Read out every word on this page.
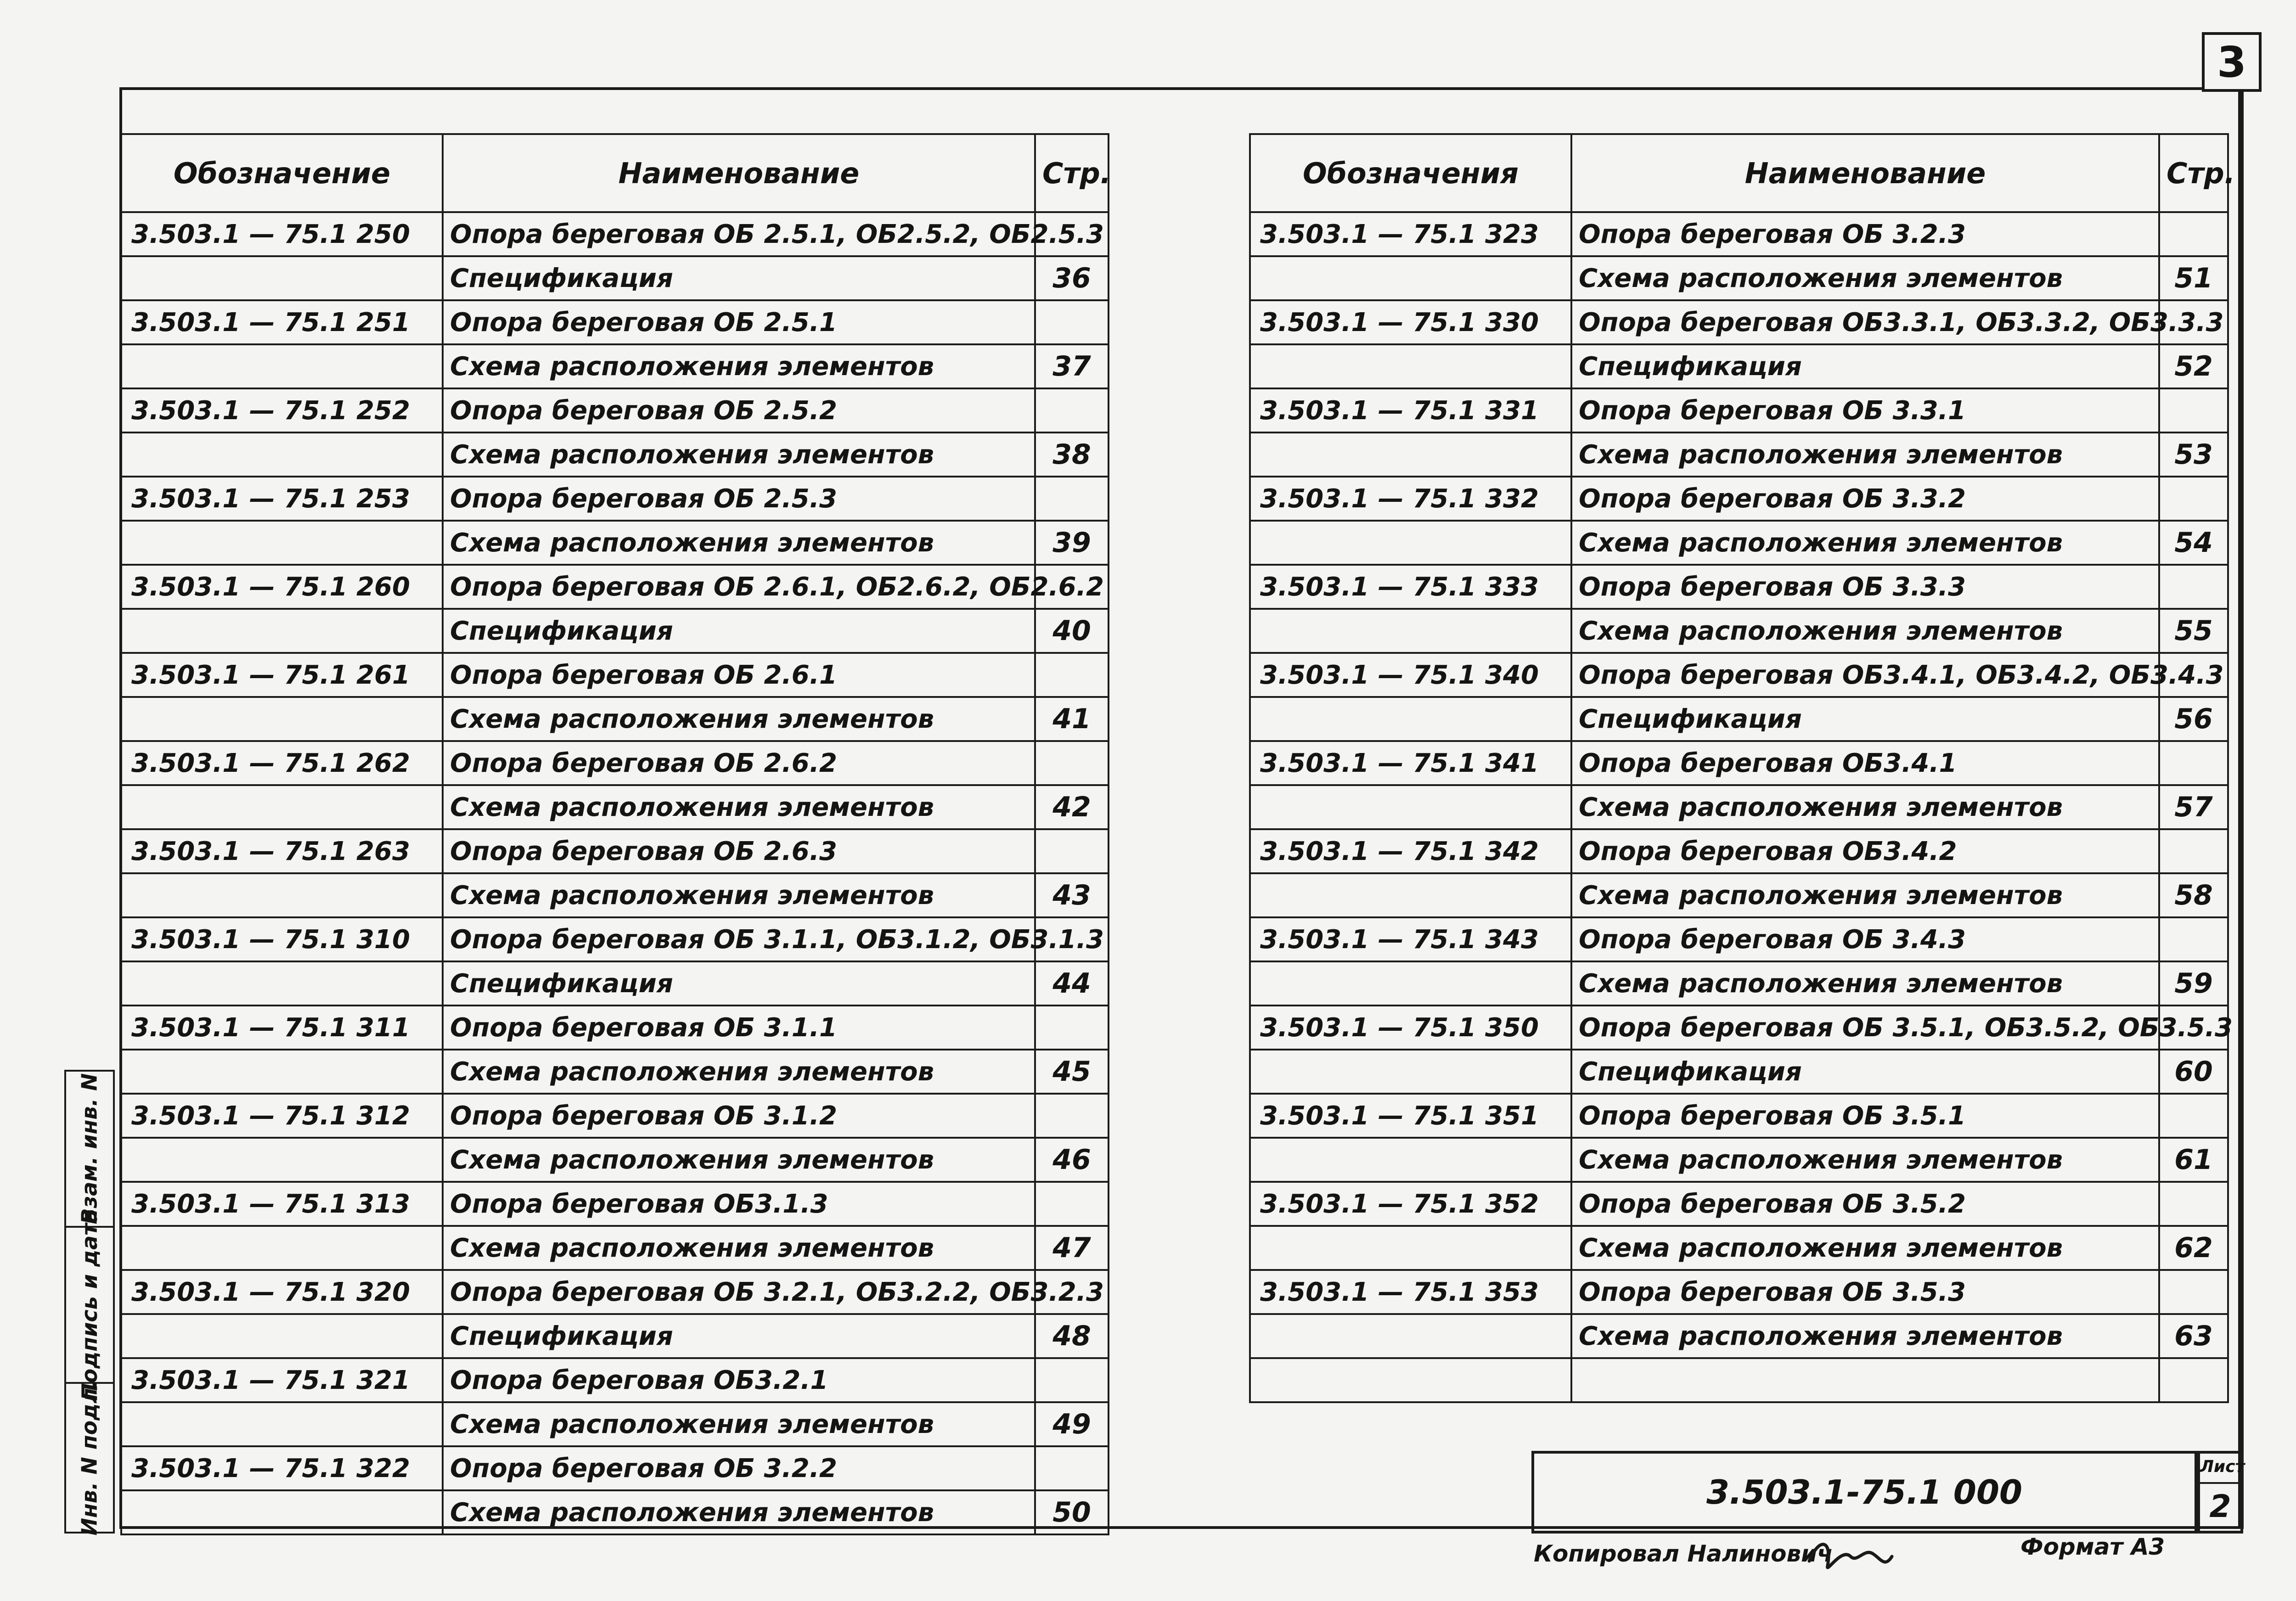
3
Обозначение	Наименование	Стр.
3.503.1 — 75.1 250	Опора береговая ОБ 2.5.1, ОБ2.5.2, ОБ2.5.3	
	Спецификация	36
3.503.1 — 75.1 251	Опора береговая ОБ 2.5.1	
	Схема расположения элементов	37
3.503.1 — 75.1 252	Опора береговая ОБ 2.5.2	
	Схема расположения элементов	38
3.503.1 — 75.1 253	Опора береговая ОБ 2.5.3	
	Схема расположения элементов	39
3.503.1 — 75.1 260	Опора береговая ОБ 2.6.1, ОБ2.6.2, ОБ2.6.2	
	Спецификация	40
3.503.1 — 75.1 261	Опора береговая ОБ 2.6.1	
	Схема расположения элементов	41
3.503.1 — 75.1 262	Опора береговая ОБ 2.6.2	
	Схема расположения элементов	42
3.503.1 — 75.1 263	Опора береговая ОБ 2.6.3	
	Схема расположения элементов	43
3.503.1 — 75.1 310	Опора береговая ОБ 3.1.1, ОБ3.1.2, ОБ3.1.3	
	Спецификация	44
3.503.1 — 75.1 311	Опора береговая ОБ 3.1.1	
	Схема расположения элементов	45
3.503.1 — 75.1 312	Опора береговая ОБ 3.1.2	
	Схема расположения элементов	46
3.503.1 — 75.1 313	Опора береговая ОБ3.1.3	
	Схема расположения элементов	47
3.503.1 — 75.1 320	Опора береговая ОБ 3.2.1, ОБ3.2.2, ОБ3.2.3	
	Спецификация	48
3.503.1 — 75.1 321	Опора береговая ОБ3.2.1	
	Схема расположения элементов	49
3.503.1 — 75.1 322	Опора береговая ОБ 3.2.2	
	Схема расположения элементов	50
Обозначения	Наименование	Стр.
3.503.1 — 75.1 323	Опора береговая ОБ 3.2.3	
	Схема расположения элементов	51
3.503.1 — 75.1 330	Опора береговая ОБ3.3.1, ОБ3.3.2, ОБ3.3.3	
	Спецификация	52
3.503.1 — 75.1 331	Опора береговая ОБ 3.3.1	
	Схема расположения элементов	53
3.503.1 — 75.1 332	Опора береговая ОБ 3.3.2	
	Схема расположения элементов	54
3.503.1 — 75.1 333	Опора береговая ОБ 3.3.3	
	Схема расположения элементов	55
3.503.1 — 75.1 340	Опора береговая ОБ3.4.1, ОБ3.4.2, ОБ3.4.3	
	Спецификация	56
3.503.1 — 75.1 341	Опора береговая ОБ3.4.1	
	Схема расположения элементов	57
3.503.1 — 75.1 342	Опора береговая ОБ3.4.2	
	Схема расположения элементов	58
3.503.1 — 75.1 343	Опора береговая ОБ 3.4.3	
	Схема расположения элементов	59
3.503.1 — 75.1 350	Опора береговая ОБ 3.5.1, ОБ3.5.2, ОБ3.5.3	
	Спецификация	60
3.503.1 — 75.1 351	Опора береговая ОБ 3.5.1	
	Схема расположения элементов	61
3.503.1 — 75.1 352	Опора береговая ОБ 3.5.2	
	Схема расположения элементов	62
3.503.1 — 75.1 353	Опора береговая ОБ 3.5.3	
	Схема расположения элементов	63

Взам. инв. N
Подпись и дата
Инв. N подл.	3.503.1-75.1 000
Лист
2
Копировал Налинович	Формат А3
